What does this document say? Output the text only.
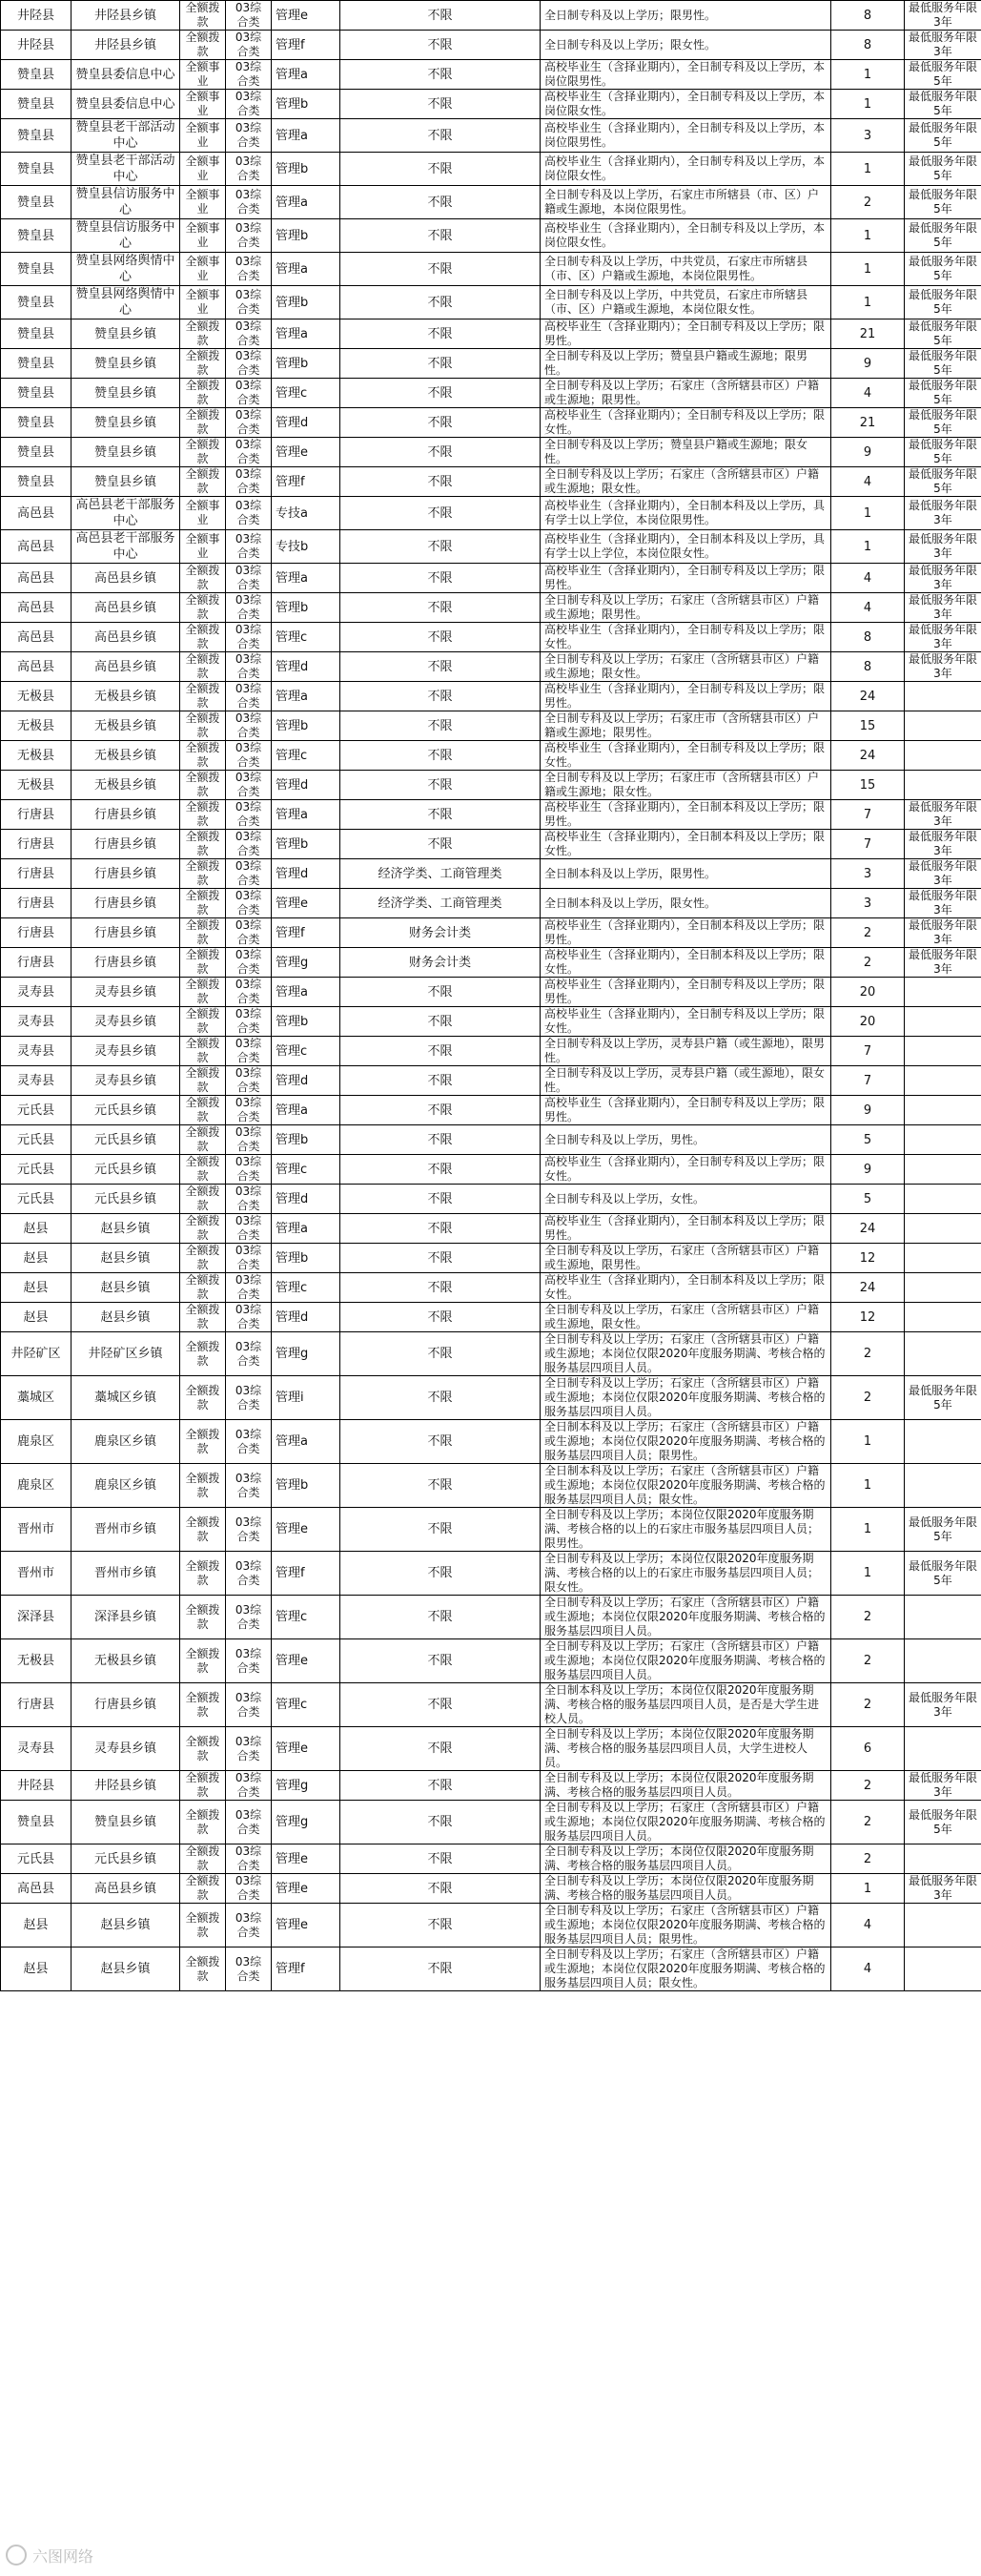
井陉县	井陉县乡镇	全额拨款	03综合类	管理e	不限	全日制专科及以上学历；限男性。	8	最低服务年限3年
井陉县	井陉县乡镇	全额拨款	03综合类	管理f	不限	全日制专科及以上学历；限女性。	8	最低服务年限3年
赞皇县	赞皇县委信息中心	全额事业	03综合类	管理a	不限	高校毕业生（含择业期内），全日制专科及以上学历，本岗位限男性。	1	最低服务年限5年
赞皇县	赞皇县委信息中心	全额事业	03综合类	管理b	不限	高校毕业生（含择业期内），全日制专科及以上学历，本岗位限女性。	1	最低服务年限5年
赞皇县	赞皇县老干部活动中心	全额事业	03综合类	管理a	不限	高校毕业生（含择业期内），全日制专科及以上学历，本岗位限男性。	3	最低服务年限5年
赞皇县	赞皇县老干部活动中心	全额事业	03综合类	管理b	不限	高校毕业生（含择业期内），全日制专科及以上学历，本岗位限女性。	1	最低服务年限5年
赞皇县	赞皇县信访服务中心	全额事业	03综合类	管理a	不限	全日制专科及以上学历，石家庄市所辖县（市、区）户籍或生源地，本岗位限男性。	2	最低服务年限5年
赞皇县	赞皇县信访服务中心	全额事业	03综合类	管理b	不限	高校毕业生（含择业期内），全日制专科及以上学历，本岗位限女性。	1	最低服务年限5年
赞皇县	赞皇县网络舆情中心	全额事业	03综合类	管理a	不限	全日制专科及以上学历，中共党员，石家庄市所辖县（市、区）户籍或生源地，本岗位限男性。	1	最低服务年限5年
赞皇县	赞皇县网络舆情中心	全额事业	03综合类	管理b	不限	全日制专科及以上学历，中共党员，石家庄市所辖县（市、区）户籍或生源地，本岗位限女性。	1	最低服务年限5年
赞皇县	赞皇县乡镇	全额拨款	03综合类	管理a	不限	高校毕业生（含择业期内）；全日制专科及以上学历；限男性。	21	最低服务年限5年
赞皇县	赞皇县乡镇	全额拨款	03综合类	管理b	不限	全日制专科及以上学历；赞皇县户籍或生源地；限男性。	9	最低服务年限5年
赞皇县	赞皇县乡镇	全额拨款	03综合类	管理c	不限	全日制专科及以上学历；石家庄（含所辖县市区）户籍或生源地；限男性。	4	最低服务年限5年
赞皇县	赞皇县乡镇	全额拨款	03综合类	管理d	不限	高校毕业生（含择业期内）；全日制专科及以上学历；限女性。	21	最低服务年限5年
赞皇县	赞皇县乡镇	全额拨款	03综合类	管理e	不限	全日制专科及以上学历；赞皇县户籍或生源地；限女性。	9	最低服务年限5年
赞皇县	赞皇县乡镇	全额拨款	03综合类	管理f	不限	全日制专科及以上学历；石家庄（含所辖县市区）户籍或生源地；限女性。	4	最低服务年限5年
高邑县	高邑县老干部服务中心	全额事业	03综合类	专技a	不限	高校毕业生（含择业期内），全日制本科及以上学历，具有学士以上学位，本岗位限男性。	1	最低服务年限3年
高邑县	高邑县老干部服务中心	全额事业	03综合类	专技b	不限	高校毕业生（含择业期内），全日制本科及以上学历，具有学士以上学位，本岗位限女性。	1	最低服务年限3年
高邑县	高邑县乡镇	全额拨款	03综合类	管理a	不限	高校毕业生（含择业期内），全日制专科及以上学历；限男性。	4	最低服务年限3年
高邑县	高邑县乡镇	全额拨款	03综合类	管理b	不限	全日制专科及以上学历；石家庄（含所辖县市区）户籍或生源地；限男性。	4	最低服务年限3年
高邑县	高邑县乡镇	全额拨款	03综合类	管理c	不限	高校毕业生（含择业期内），全日制专科及以上学历；限女性。	8	最低服务年限3年
高邑县	高邑县乡镇	全额拨款	03综合类	管理d	不限	全日制专科及以上学历；石家庄（含所辖县市区）户籍或生源地；限女性。	8	最低服务年限3年
无极县	无极县乡镇	全额拨款	03综合类	管理a	不限	高校毕业生（含择业期内），全日制专科及以上学历；限男性。	24	
无极县	无极县乡镇	全额拨款	03综合类	管理b	不限	全日制专科及以上学历；石家庄市（含所辖县市区）户籍或生源地；限男性。	15	
无极县	无极县乡镇	全额拨款	03综合类	管理c	不限	高校毕业生（含择业期内），全日制专科及以上学历；限女性。	24	
无极县	无极县乡镇	全额拨款	03综合类	管理d	不限	全日制专科及以上学历；石家庄市（含所辖县市区）户籍或生源地；限女性。	15	
行唐县	行唐县乡镇	全额拨款	03综合类	管理a	不限	高校毕业生（含择业期内），全日制本科及以上学历；限男性。	7	最低服务年限3年
行唐县	行唐县乡镇	全额拨款	03综合类	管理b	不限	高校毕业生（含择业期内），全日制本科及以上学历；限女性。	7	最低服务年限3年
行唐县	行唐县乡镇	全额拨款	03综合类	管理d	经济学类、工商管理类	全日制本科及以上学历，限男性。	3	最低服务年限3年
行唐县	行唐县乡镇	全额拨款	03综合类	管理e	经济学类、工商管理类	全日制本科及以上学历，限女性。	3	最低服务年限3年
行唐县	行唐县乡镇	全额拨款	03综合类	管理f	财务会计类	高校毕业生（含择业期内），全日制本科及以上学历；限男性。	2	最低服务年限3年
行唐县	行唐县乡镇	全额拨款	03综合类	管理g	财务会计类	高校毕业生（含择业期内），全日制本科及以上学历；限女性。	2	最低服务年限3年
灵寿县	灵寿县乡镇	全额拨款	03综合类	管理a	不限	高校毕业生（含择业期内），全日制专科及以上学历；限男性。	20	
灵寿县	灵寿县乡镇	全额拨款	03综合类	管理b	不限	高校毕业生（含择业期内），全日制专科及以上学历；限女性。	20	
灵寿县	灵寿县乡镇	全额拨款	03综合类	管理c	不限	全日制专科及以上学历，灵寿县户籍（或生源地），限男性。	7	
灵寿县	灵寿县乡镇	全额拨款	03综合类	管理d	不限	全日制专科及以上学历，灵寿县户籍（或生源地），限女性。	7	
元氏县	元氏县乡镇	全额拨款	03综合类	管理a	不限	高校毕业生（含择业期内），全日制专科及以上学历；限男性。	9	
元氏县	元氏县乡镇	全额拨款	03综合类	管理b	不限	全日制专科及以上学历，男性。	5	
元氏县	元氏县乡镇	全额拨款	03综合类	管理c	不限	高校毕业生（含择业期内），全日制专科及以上学历；限女性。	9	
元氏县	元氏县乡镇	全额拨款	03综合类	管理d	不限	全日制专科及以上学历，女性。	5	
赵县	赵县乡镇	全额拨款	03综合类	管理a	不限	高校毕业生（含择业期内），全日制本科及以上学历；限男性。	24	
赵县	赵县乡镇	全额拨款	03综合类	管理b	不限	全日制专科及以上学历，石家庄（含所辖县市区）户籍或生源地，限男性。	12	
赵县	赵县乡镇	全额拨款	03综合类	管理c	不限	高校毕业生（含择业期内），全日制本科及以上学历；限女性。	24	
赵县	赵县乡镇	全额拨款	03综合类	管理d	不限	全日制专科及以上学历，石家庄（含所辖县市区）户籍或生源地，限女性。	12	
井陉矿区	井陉矿区乡镇	全额拨款	03综合类	管理g	不限	全日制专科及以上学历；石家庄（含所辖县市区）户籍或生源地；本岗位仅限2020年度服务期满、考核合格的服务基层四项目人员。	2	
藁城区	藁城区乡镇	全额拨款	03综合类	管理i	不限	全日制专科及以上学历；石家庄（含所辖县市区）户籍或生源地；本岗位仅限2020年度服务期满、考核合格的服务基层四项目人员。	2	最低服务年限5年
鹿泉区	鹿泉区乡镇	全额拨款	03综合类	管理a	不限	全日制本科及以上学历；石家庄（含所辖县市区）户籍或生源地；本岗位仅限2020年度服务期满、考核合格的服务基层四项目人员；限男性。	1	
鹿泉区	鹿泉区乡镇	全额拨款	03综合类	管理b	不限	全日制本科及以上学历；石家庄（含所辖县市区）户籍或生源地；本岗位仅限2020年度服务期满、考核合格的服务基层四项目人员；限女性。	1	
晋州市	晋州市乡镇	全额拨款	03综合类	管理e	不限	全日制专科及以上学历；本岗位仅限2020年度服务期满、考核合格的以上的石家庄市服务基层四项目人员；限男性。	1	最低服务年限5年
晋州市	晋州市乡镇	全额拨款	03综合类	管理f	不限	全日制专科及以上学历；本岗位仅限2020年度服务期满、考核合格的以上的石家庄市服务基层四项目人员；限女性。	1	最低服务年限5年
深泽县	深泽县乡镇	全额拨款	03综合类	管理c	不限	全日制专科及以上学历；石家庄（含所辖县市区）户籍或生源地；本岗位仅限2020年度服务期满、考核合格的服务基层四项目人员。	2	
无极县	无极县乡镇	全额拨款	03综合类	管理e	不限	全日制专科及以上学历；石家庄（含所辖县市区）户籍或生源地；本岗位仅限2020年度服务期满、考核合格的服务基层四项目人员。	2	
行唐县	行唐县乡镇	全额拨款	03综合类	管理c	不限	全日制本科及以上学历；本岗位仅限2020年度服务期满、考核合格的服务基层四项目人员，是否是大学生进校人员。	2	最低服务年限3年
灵寿县	灵寿县乡镇	全额拨款	03综合类	管理e	不限	全日制专科及以上学历；本岗位仅限2020年度服务期满、考核合格的服务基层四项目人员，大学生进校人员。	6	
井陉县	井陉县乡镇	全额拨款	03综合类	管理g	不限	全日制专科及以上学历；本岗位仅限2020年度服务期满、考核合格的服务基层四项目人员。	2	最低服务年限3年
赞皇县	赞皇县乡镇	全额拨款	03综合类	管理g	不限	全日制专科及以上学历；石家庄（含所辖县市区）户籍或生源地；本岗位仅限2020年度服务期满、考核合格的服务基层四项目人员。	2	最低服务年限5年
元氏县	元氏县乡镇	全额拨款	03综合类	管理e	不限	全日制专科及以上学历；本岗位仅限2020年度服务期满、考核合格的服务基层四项目人员。	2	
高邑县	高邑县乡镇	全额拨款	03综合类	管理e	不限	全日制专科及以上学历；本岗位仅限2020年度服务期满、考核合格的服务基层四项目人员。	1	最低服务年限3年
赵县	赵县乡镇	全额拨款	03综合类	管理e	不限	全日制专科及以上学历；石家庄（含所辖县市区）户籍或生源地；本岗位仅限2020年度服务期满、考核合格的服务基层四项目人员；限男性。	4	
赵县	赵县乡镇	全额拨款	03综合类	管理f	不限	全日制专科及以上学历；石家庄（含所辖县市区）户籍或生源地；本岗位仅限2020年度服务期满、考核合格的服务基层四项目人员；限女性。	4	
六图网络
